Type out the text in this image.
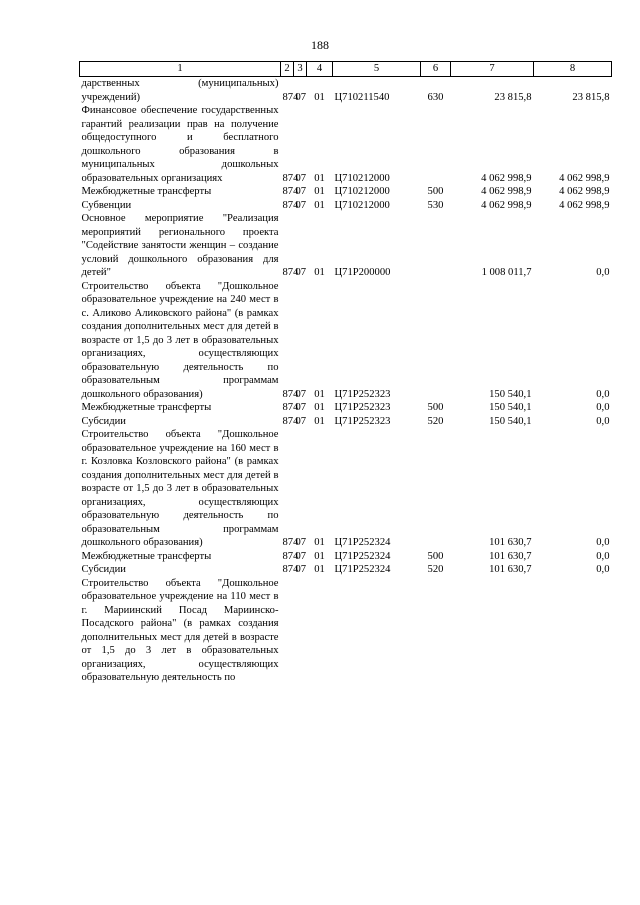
188
1	2	3	4	5	6	7	8
дарственных (муниципальных) учреждений)	874	07	01	Ц710211540	630	23 815,8	23 815,8
Финансовое обеспечение государственных гарантий реализации прав на получение общедоступного и бесплатного дошкольного образования в муниципальных дошкольных образовательных организациях	874	07	01	Ц710212000		4 062 998,9	4 062 998,9
Межбюджетные трансферты	874	07	01	Ц710212000	500	4 062 998,9	4 062 998,9
Субвенции	874	07	01	Ц710212000	530	4 062 998,9	4 062 998,9
Основное мероприятие "Реализация мероприятий регионального проекта "Содействие занятости женщин – создание условий дошкольного образования для детей"	874	07	01	Ц71Р200000		1 008 011,7	0,0
Строительство объекта "Дошкольное образовательное учреждение на 240 мест в с. Аликово Аликовского района" (в рамках создания дополнительных мест для детей в возрасте от 1,5 до 3 лет в образовательных организациях, осуществляющих образовательную деятельность по образовательным программам дошкольного образования)	874	07	01	Ц71Р252323		150 540,1	0,0
Межбюджетные трансферты	874	07	01	Ц71Р252323	500	150 540,1	0,0
Субсидии	874	07	01	Ц71Р252323	520	150 540,1	0,0
Строительство объекта "Дошкольное образовательное учреждение на 160 мест в г. Козловка Козловского района" (в рамках создания дополнительных мест для детей в возрасте от 1,5 до 3 лет в образовательных организациях, осуществляющих образовательную деятельность по образовательным программам дошкольного образования)	874	07	01	Ц71Р252324		101 630,7	0,0
Межбюджетные трансферты	874	07	01	Ц71Р252324	500	101 630,7	0,0
Субсидии	874	07	01	Ц71Р252324	520	101 630,7	0,0
Строительство объекта "Дошкольное образовательное учреждение на 110 мест в г. Мариинский Посад Мариинско-Посадского района" (в рамках создания дополнительных мест для детей в возрасте от 1,5 до 3 лет в образовательных организациях, осуществляющих образовательную деятельность по							
